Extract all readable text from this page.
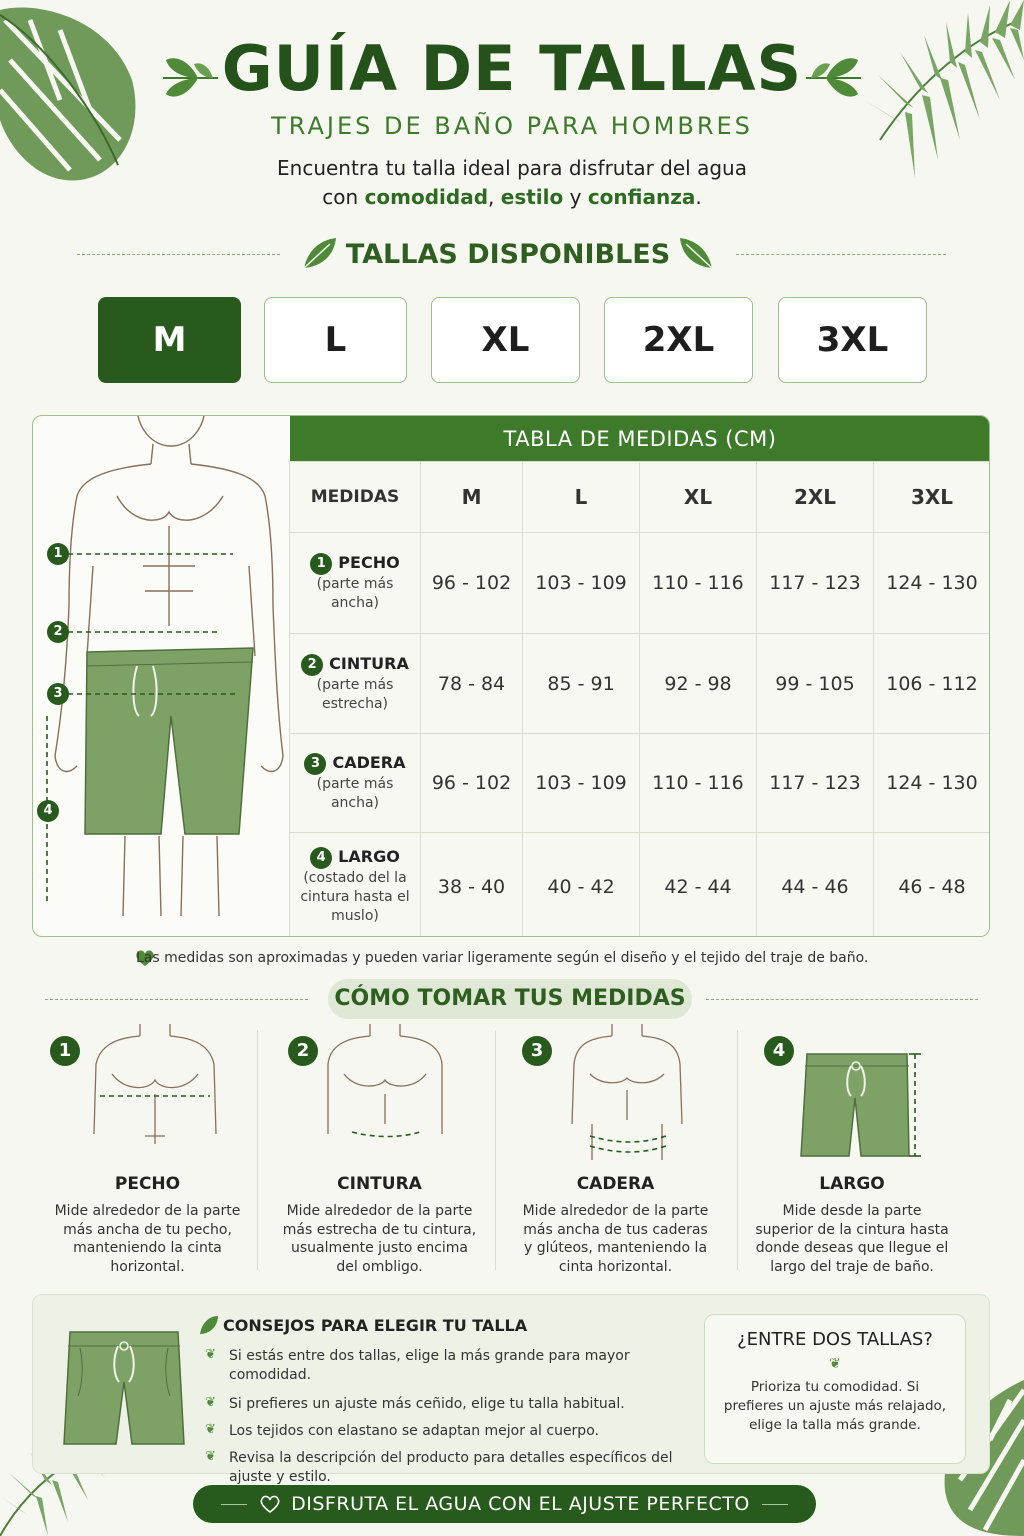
GUÍA DE TALLAS
TRAJES DE BAÑO PARA HOMBRES
Encuentra tu talla ideal para disfrutar del agua
con comodidad, estilo y confianza.
TALLAS DISPONIBLES
M	L	XL	2XL	3XL
1
2
3
4
TABLA DE MEDIDAS (CM)					
MEDIDAS	M	L	XL	2XL	3XL

1 PECHO
(parte más ancha)	96 - 102	103 - 109	110 - 116	117 - 123	124 - 130

2 CINTURA
(parte más estrecha)	78 - 84	85 - 91	92 - 98	99 - 105	106 - 112

3 CADERA
(parte más ancha)	96 - 102	103 - 109	110 - 116	117 - 123	124 - 130

4 LARGO
(costado del la cintura hasta el muslo)	38 - 40	40 - 42	42 - 44	44 - 46	46 - 48
Las medidas son aproximadas y pueden variar ligeramente según el diseño y el tejido del traje de baño.
CÓMO TOMAR TUS MEDIDAS
1
PECHO
Mide alrededor de la parte más ancha de tu pecho, manteniendo la cinta horizontal.
2
CINTURA
Mide alrededor de la parte más estrecha de tu cintura, usualmente justo encima del ombligo.
3
CADERA
Mide alrededor de la parte más ancha de tus caderas y glúteos, manteniendo la cinta horizontal.
4
LARGO
Mide desde la parte superior de la cintura hasta donde deseas que llegue el largo del traje de baño.
CONSEJOS PARA ELEGIR TU TALLA
❦ Si estás entre dos tallas, elige la más grande para mayor comodidad.
❦ Si prefieres un ajuste más ceñido, elige tu talla habitual.
❦ Los tejidos con elastano se adaptan mejor al cuerpo.
❦ Revisa la descripción del producto para detalles específicos del ajuste y estilo.
¿ENTRE DOS TALLAS?
❦
Prioriza tu comodidad. Si prefieres un ajuste más relajado, elige la talla más grande.
DISFRUTA EL AGUA CON EL AJUSTE PERFECTO
